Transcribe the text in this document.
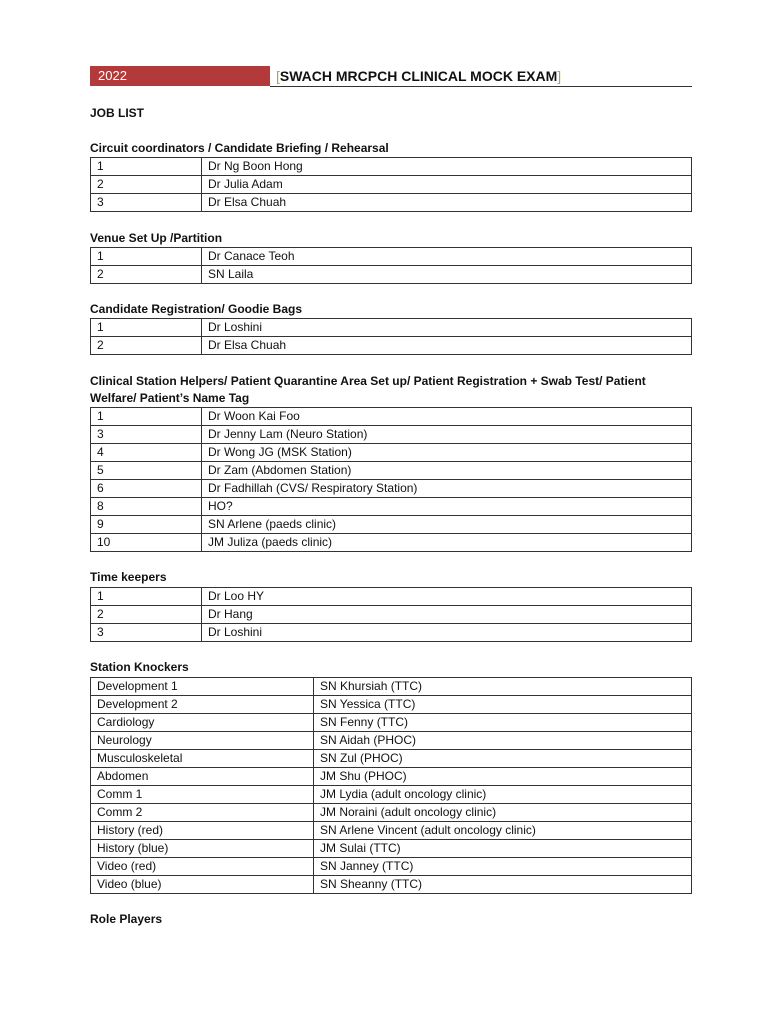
2022	[SWACH MRCPCH CLINICAL MOCK EXAM]
JOB LIST
Circuit coordinators / Candidate Briefing / Rehearsal
1	Dr Ng Boon Hong
2	Dr Julia Adam
3	Dr Elsa Chuah
Venue Set Up /Partition
1	Dr Canace Teoh
2	SN Laila
Candidate Registration/ Goodie Bags
1	Dr Loshini
2	Dr Elsa Chuah
Clinical Station Helpers/ Patient Quarantine Area Set up/ Patient Registration + Swab Test/ Patient Welfare/ Patient’s Name Tag
1	Dr Woon Kai Foo
3	Dr Jenny Lam (Neuro Station)
4	Dr Wong JG (MSK Station)
5	Dr Zam (Abdomen Station)
6	Dr Fadhillah (CVS/ Respiratory Station)
8	HO?
9	SN Arlene (paeds clinic)
10	JM Juliza (paeds clinic)
Time keepers
1	Dr Loo HY
2	Dr Hang
3	Dr Loshini
Station Knockers
Development 1	SN Khursiah (TTC)
Development 2	SN Yessica (TTC)
Cardiology	SN Fenny (TTC)
Neurology	SN Aidah (PHOC)
Musculoskeletal	SN Zul (PHOC)
Abdomen	JM Shu (PHOC)
Comm 1	JM Lydia (adult oncology clinic)
Comm 2	JM Noraini (adult oncology clinic)
History (red)	SN Arlene Vincent (adult oncology clinic)
History (blue)	JM Sulai (TTC)
Video (red)	SN Janney (TTC)
Video (blue)	SN Sheanny (TTC)
Role Players
